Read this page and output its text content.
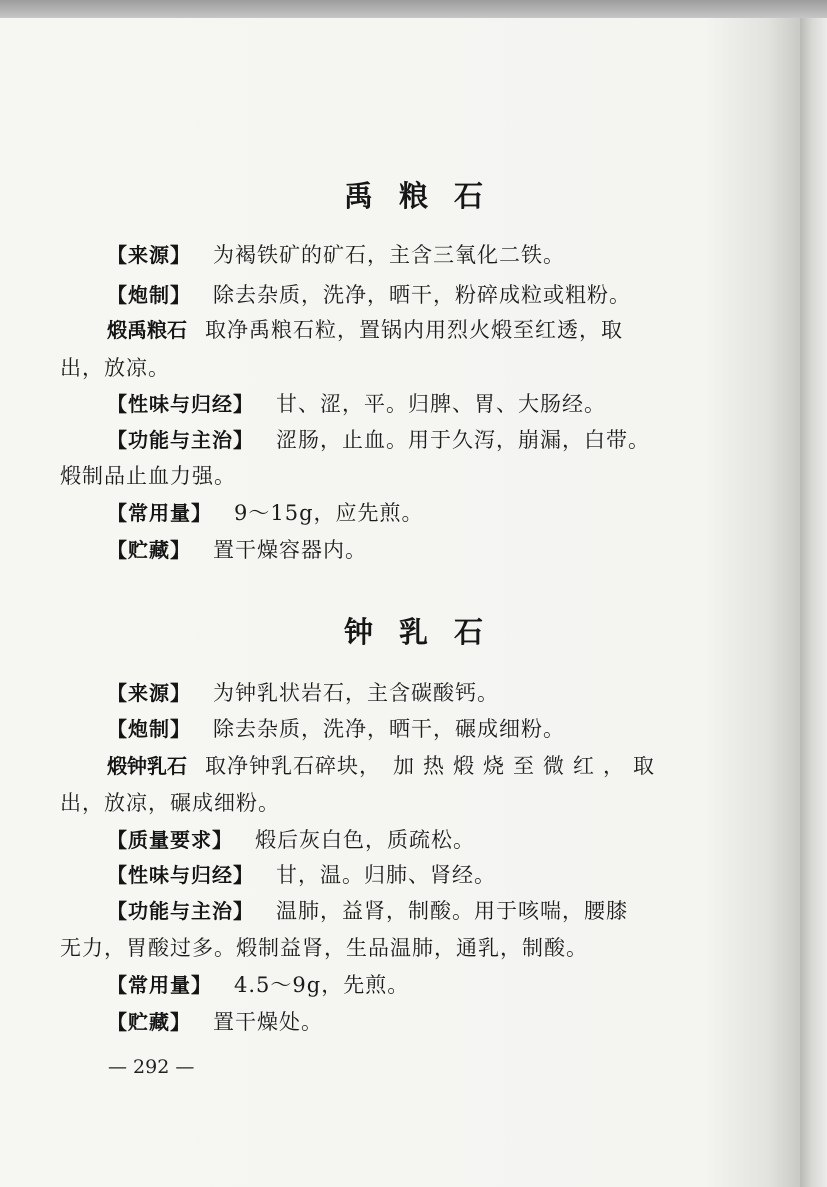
禹粮石
【来源】 为褐铁矿的矿石，主含三氧化二铁。
【炮制】 除去杂质，洗净，晒干，粉碎成粒或粗粉。
煅禹粮石 取净禹粮石粒，置锅内用烈火煅至红透，取
出，放凉。
【性味与归经】 甘、涩，平。归脾、胃、大肠经。
【功能与主治】 涩肠，止血。用于久泻，崩漏，白带。
煅制品止血力强。
【常用量】 9～15g，应先煎。
【贮藏】 置干燥容器内。
钟乳石
【来源】 为钟乳状岩石，主含碳酸钙。
【炮制】 除去杂质，洗净，晒干，碾成细粉。
煅钟乳石 取净钟乳石碎块， 加热煅烧至微红，取
出，放凉，碾成细粉。
【质量要求】 煅后灰白色，质疏松。
【性味与归经】 甘，温。归肺、肾经。
【功能与主治】 温肺，益肾，制酸。用于咳喘，腰膝
无力，胃酸过多。煅制益肾，生品温肺，通乳，制酸。
【常用量】 4.5～9g，先煎。
【贮藏】 置干燥处。
— 292 —
